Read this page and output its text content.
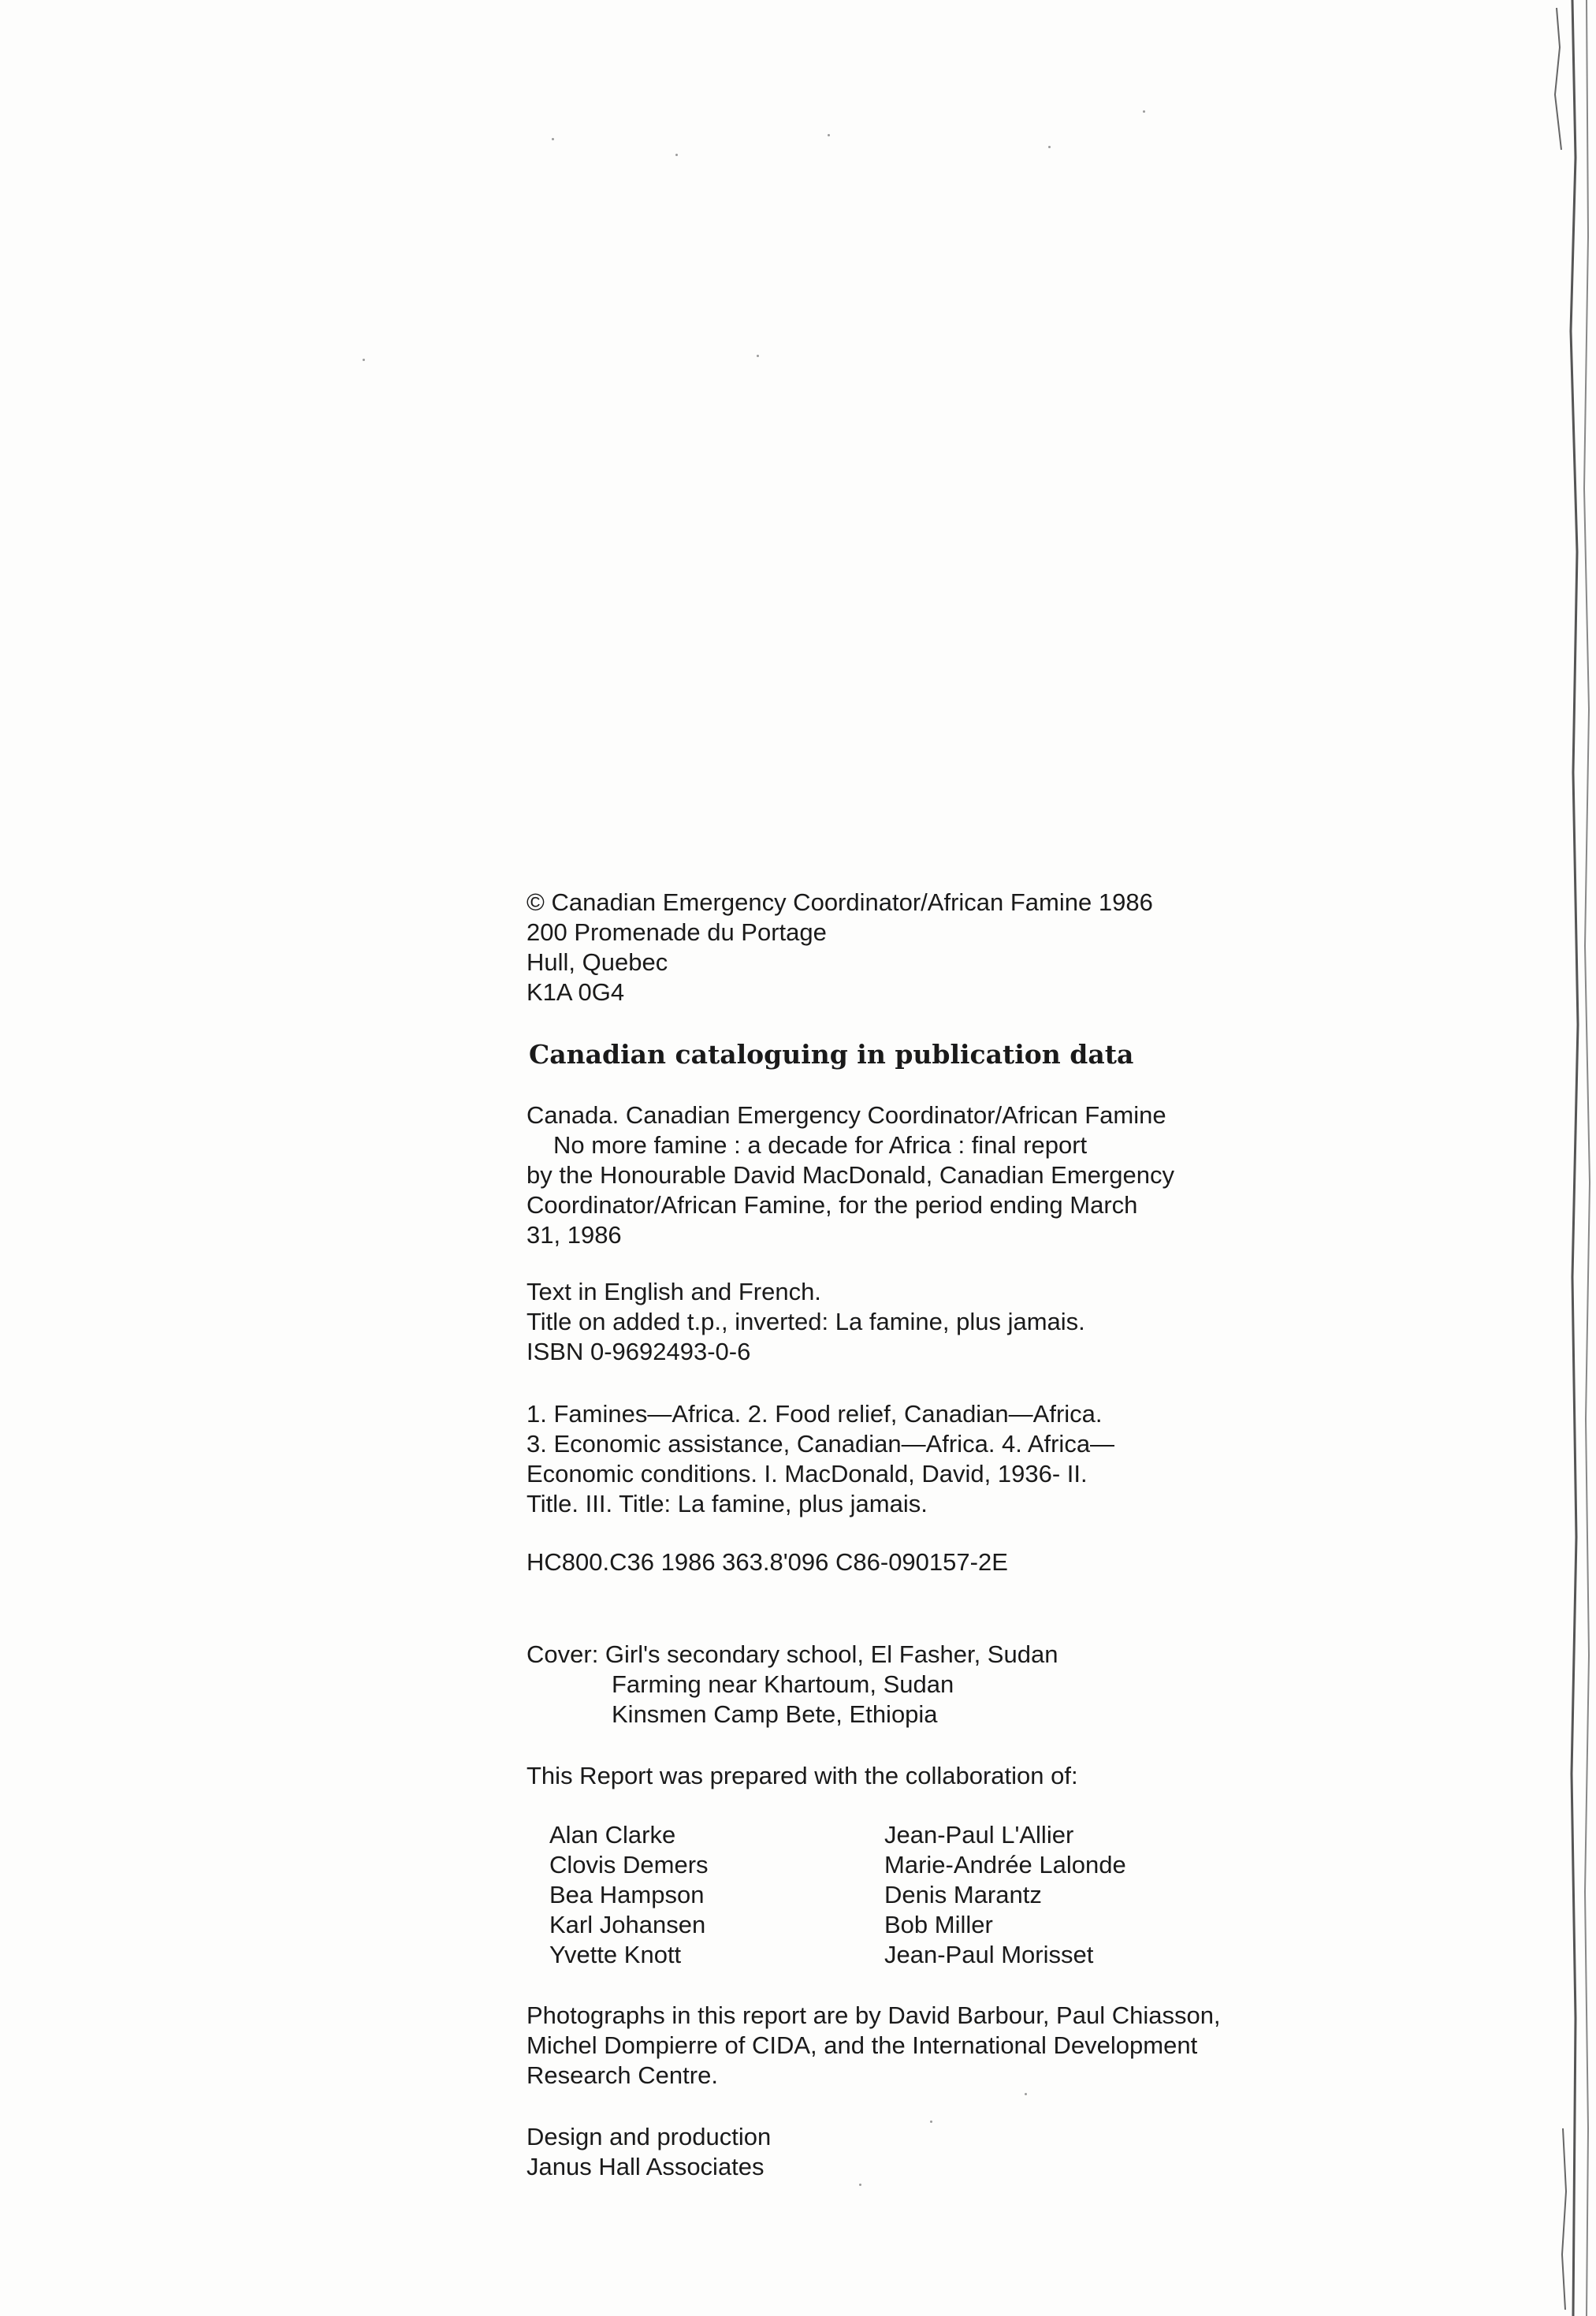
© Canadian Emergency Coordinator/African Famine 1986
200 Promenade du Portage
Hull, Quebec
K1A 0G4
Canadian cataloguing in publication data
Canada. Canadian Emergency Coordinator/African Famine
No more famine : a decade for Africa : final report
by the Honourable David MacDonald, Canadian Emergency
Coordinator/African Famine, for the period ending March
31, 1986
Text in English and French.
Title on added t.p., inverted: La famine, plus jamais.
ISBN 0-9692493-0-6
1. Famines—Africa. 2. Food relief, Canadian—Africa.
3. Economic assistance, Canadian—Africa. 4. Africa—
Economic conditions. I. MacDonald, David, 1936- II.
Title. III. Title: La famine, plus jamais.
HC800.C36 1986 363.8'096 C86-090157-2E
Cover: Girl's secondary school, El Fasher, Sudan
Farming near Khartoum, Sudan
Kinsmen Camp Bete, Ethiopia
This Report was prepared with the collaboration of:
Alan Clarke
Clovis Demers
Bea Hampson
Karl Johansen
Yvette Knott
Jean-Paul L'Allier
Marie-Andrée Lalonde
Denis Marantz
Bob Miller
Jean-Paul Morisset
Photographs in this report are by David Barbour, Paul Chiasson,
Michel Dompierre of CIDA, and the International Development
Research Centre.
Design and production
Janus Hall Associates
